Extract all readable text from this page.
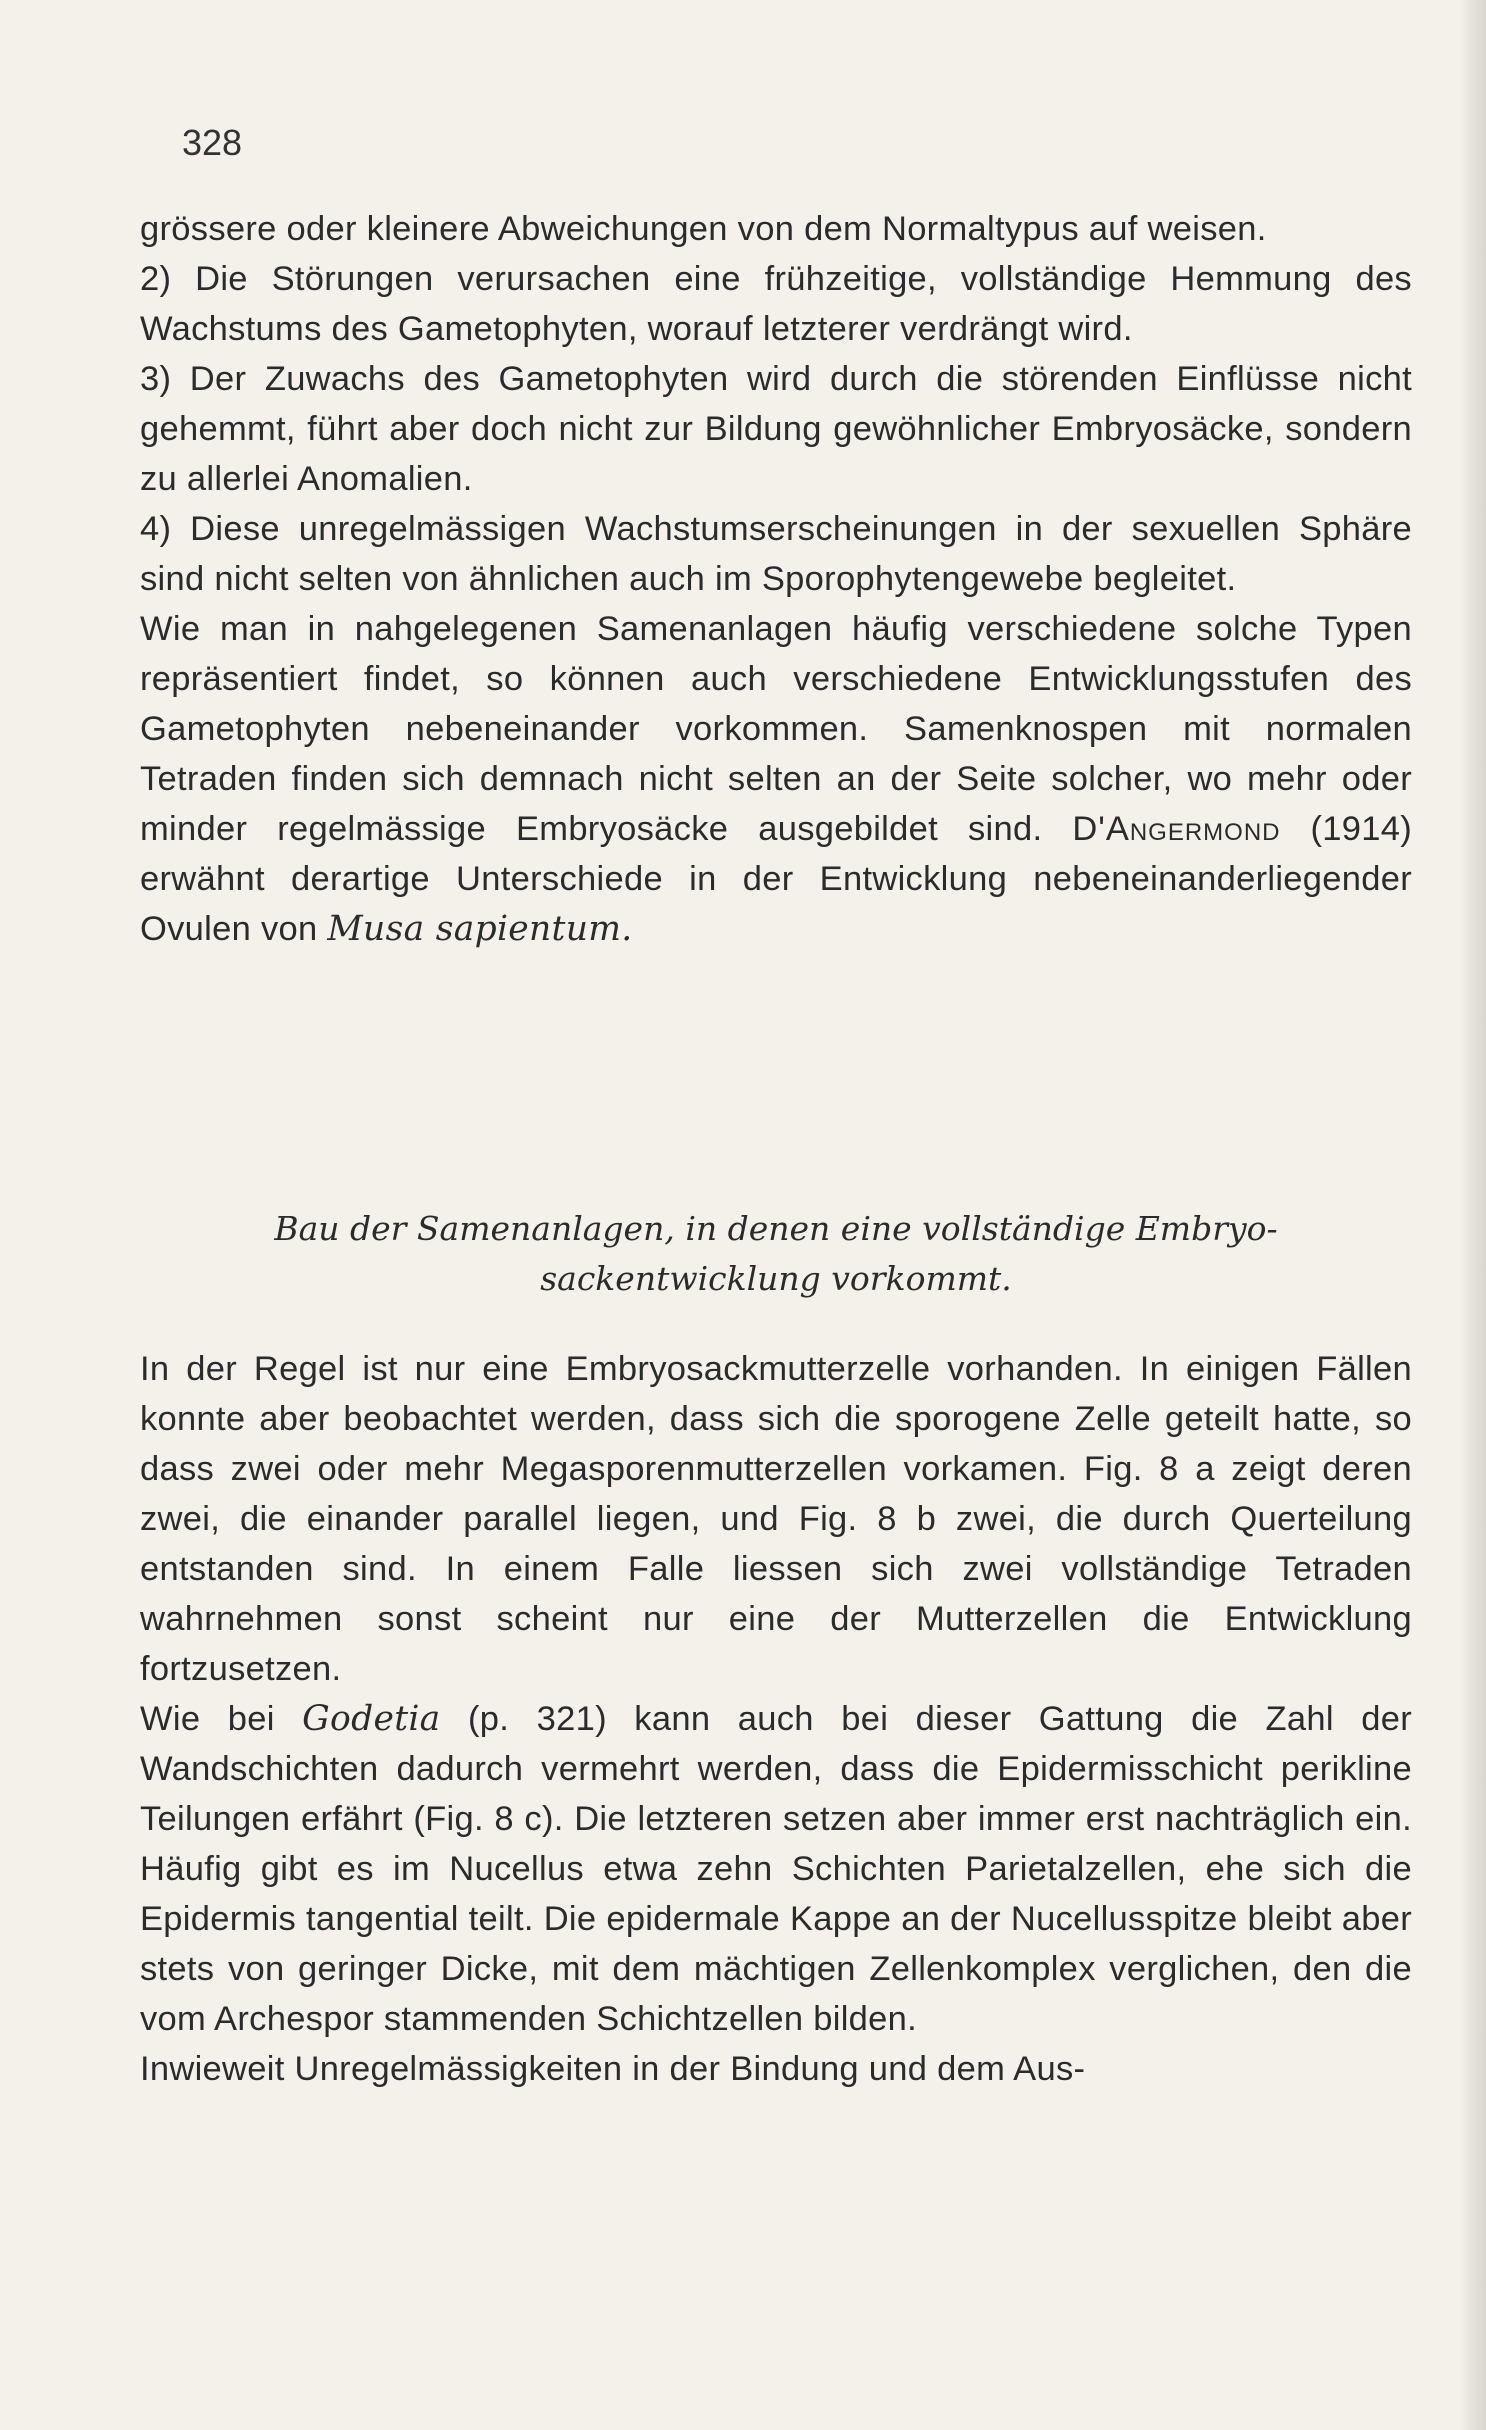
328

grössere oder kleinere Abweichungen von dem Normaltypus auf weisen.

2) Die Störungen verursachen eine frühzeitige, vollständige Hemmung des Wachstums des Gametophyten, worauf letzterer verdrängt wird.

3) Der Zuwachs des Gametophyten wird durch die störenden Einflüsse nicht gehemmt, führt aber doch nicht zur Bildung gewöhnlicher Embryosäcke, sondern zu allerlei Anomalien.

4) Diese unregelmässigen Wachstumserscheinungen in der sexuellen Sphäre sind nicht selten von ähnlichen auch im Sporophytengewebe begleitet.

Wie man in nahgelegenen Samenanlagen häufig verschiedene solche Typen repräsentiert findet, so können auch verschiedene Entwicklungsstufen des Gametophyten nebeneinander vorkommen. Samenknospen mit normalen Tetraden finden sich demnach nicht selten an der Seite solcher, wo mehr oder minder regelmässige Embryosäcke ausgebildet sind. D'Angermond (1914) erwähnt derartige Unterschiede in der Entwicklung nebeneinanderliegender Ovulen von Musa sapientum.

Bau der Samenanlagen, in denen eine vollständige Embryo-
sackentwicklung vorkommt.

In der Regel ist nur eine Embryosackmutterzelle vorhanden. In einigen Fällen konnte aber beobachtet werden, dass sich die sporogene Zelle geteilt hatte, so dass zwei oder mehr Megasporenmutterzellen vorkamen. Fig. 8 a zeigt deren zwei, die einander parallel liegen, und Fig. 8 b zwei, die durch Querteilung entstanden sind. In einem Falle liessen sich zwei vollständige Tetraden wahrnehmen sonst scheint nur eine der Mutterzellen die Entwicklung fortzusetzen.

Wie bei Godetia (p. 321) kann auch bei dieser Gattung die Zahl der Wandschichten dadurch vermehrt werden, dass die Epidermisschicht perikline Teilungen erfährt (Fig. 8 c). Die letzteren setzen aber immer erst nachträglich ein. Häufig gibt es im Nucellus etwa zehn Schichten Parietalzellen, ehe sich die Epidermis tangential teilt. Die epidermale Kappe an der Nucellusspitze bleibt aber stets von geringer Dicke, mit dem mächtigen Zellenkomplex verglichen, den die vom Archespor stammenden Schichtzellen bilden.

Inwieweit Unregelmässigkeiten in der Bindung und dem Aus-
